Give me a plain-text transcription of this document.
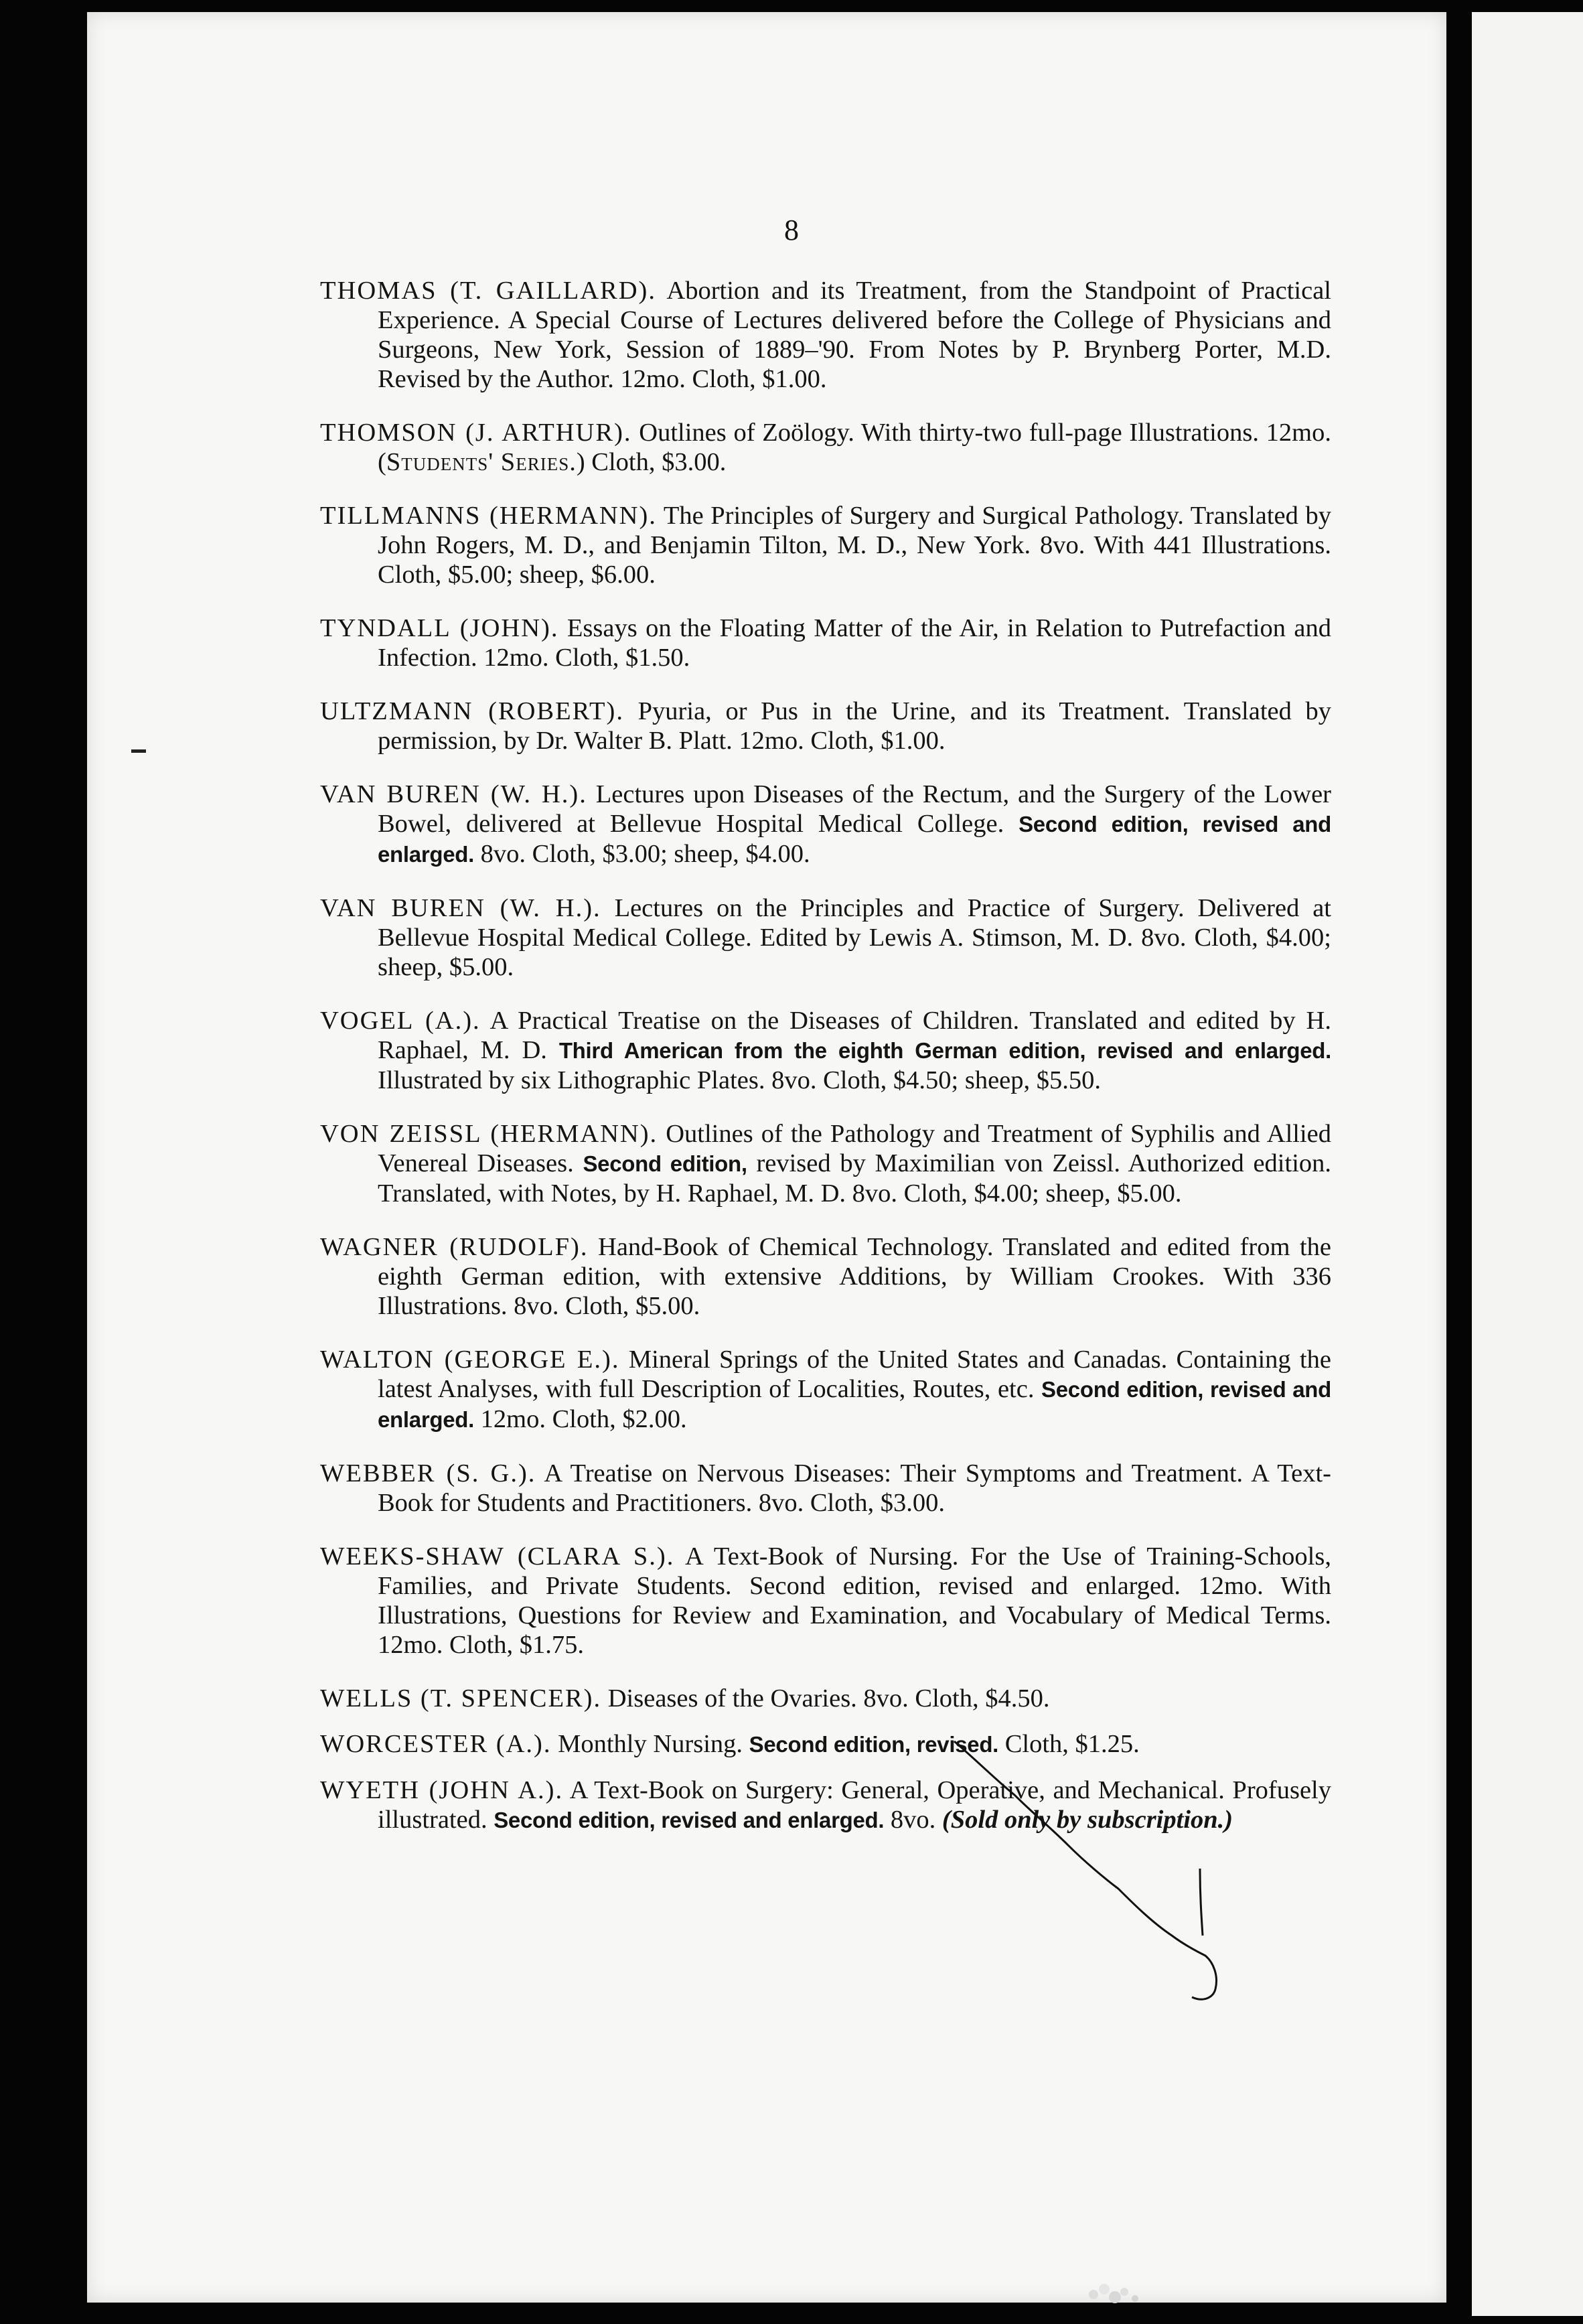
8

THOMAS (T. GAILLARD). Abortion and its Treatment, from the Standpoint of Practical Experience. A Special Course of Lectures delivered before the College of Physicians and Surgeons, New York, Session of 1889–'90. From Notes by P. Brynberg Porter, M.D. Revised by the Author. 12mo. Cloth, $1.00.

THOMSON (J. ARTHUR). Outlines of Zoölogy. With thirty-two full-page Illustrations. 12mo. (Students' Series.) Cloth, $3.00.

TILLMANNS (HERMANN). The Principles of Surgery and Surgical Pathology. Translated by John Rogers, M. D., and Benjamin Tilton, M. D., New York. 8vo. With 441 Illustrations. Cloth, $5.00; sheep, $6.00.

TYNDALL (JOHN). Essays on the Floating Matter of the Air, in Relation to Putrefaction and Infection. 12mo. Cloth, $1.50.

ULTZMANN (ROBERT). Pyuria, or Pus in the Urine, and its Treatment. Translated by permission, by Dr. Walter B. Platt. 12mo. Cloth, $1.00.

VAN BUREN (W. H.). Lectures upon Diseases of the Rectum, and the Surgery of the Lower Bowel, delivered at Bellevue Hospital Medical College. Second edition, revised and enlarged. 8vo. Cloth, $3.00; sheep, $4.00.

VAN BUREN (W. H.). Lectures on the Principles and Practice of Surgery. Delivered at Bellevue Hospital Medical College. Edited by Lewis A. Stimson, M. D. 8vo. Cloth, $4.00; sheep, $5.00.

VOGEL (A.). A Practical Treatise on the Diseases of Children. Translated and edited by H. Raphael, M. D. Third American from the eighth German edition, revised and enlarged. Illustrated by six Lithographic Plates. 8vo. Cloth, $4.50; sheep, $5.50.

VON ZEISSL (HERMANN). Outlines of the Pathology and Treatment of Syphilis and Allied Venereal Diseases. Second edition, revised by Maximilian von Zeissl. Authorized edition. Translated, with Notes, by H. Raphael, M. D. 8vo. Cloth, $4.00; sheep, $5.00.

WAGNER (RUDOLF). Hand-Book of Chemical Technology. Translated and edited from the eighth German edition, with extensive Additions, by William Crookes. With 336 Illustrations. 8vo. Cloth, $5.00.

WALTON (GEORGE E.). Mineral Springs of the United States and Canadas. Containing the latest Analyses, with full Description of Localities, Routes, etc. Second edition, revised and enlarged. 12mo. Cloth, $2.00.

WEBBER (S. G.). A Treatise on Nervous Diseases: Their Symptoms and Treatment. A Text-Book for Students and Practitioners. 8vo. Cloth, $3.00.

WEEKS-SHAW (CLARA S.). A Text-Book of Nursing. For the Use of Training-Schools, Families, and Private Students. Second edition, revised and enlarged. 12mo. With Illustrations, Questions for Review and Examination, and Vocabulary of Medical Terms. 12mo. Cloth, $1.75.

WELLS (T. SPENCER). Diseases of the Ovaries. 8vo. Cloth, $4.50.

WORCESTER (A.). Monthly Nursing. Second edition, revised. Cloth, $1.25.

WYETH (JOHN A.). A Text-Book on Surgery: General, Operative, and Mechanical. Profusely illustrated. Second edition, revised and enlarged. 8vo. (Sold only by subscription.)
